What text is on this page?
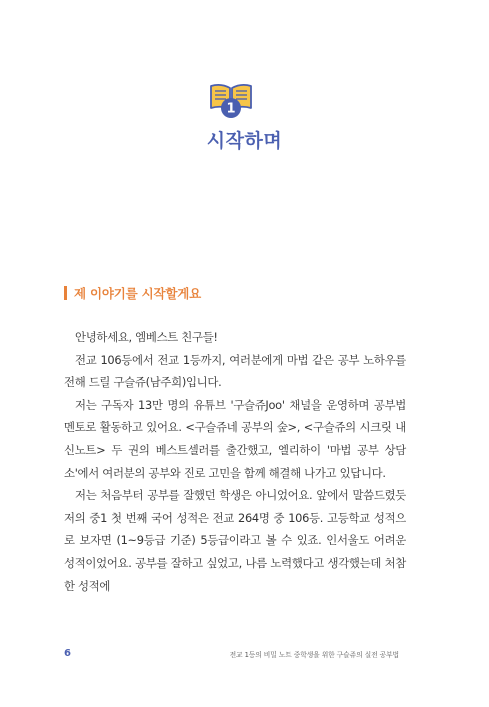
1
시작하며
제 이야기를 시작할게요

안녕하세요, 엠베스트 친구들!

전교 106등에서 전교 1등까지, 여러분에게 마법 같은 공부 노하우를 전해 드릴 구슬쥬(남주희)입니다.

저는 구독자 13만 명의 유튜브 '구슬쥬Joo' 채널을 운영하며 공부법 멘토로 활동하고 있어요. <구슬쥬네 공부의 숲>, <구슬쥬의 시크릿 내신노트> 두 권의 베스트셀러를 출간했고, 엘리하이 '마법 공부 상담소'에서 여러분의 공부와 진로 고민을 함께 해결해 나가고 있답니다.

저는 처음부터 공부를 잘했던 학생은 아니었어요. 앞에서 말씀드렸듯 저의 중1 첫 번째 국어 성적은 전교 264명 중 106등. 고등학교 성적으로 보자면 (1~9등급 기준) 5등급이라고 볼 수 있죠. 인서울도 어려운 성적이었어요. 공부를 잘하고 싶었고, 나름 노력했다고 생각했는데 처참한 성적에

6	전교 1등의 비밀 노트 중학생을 위한 구슬쥬의 실전 공부법
